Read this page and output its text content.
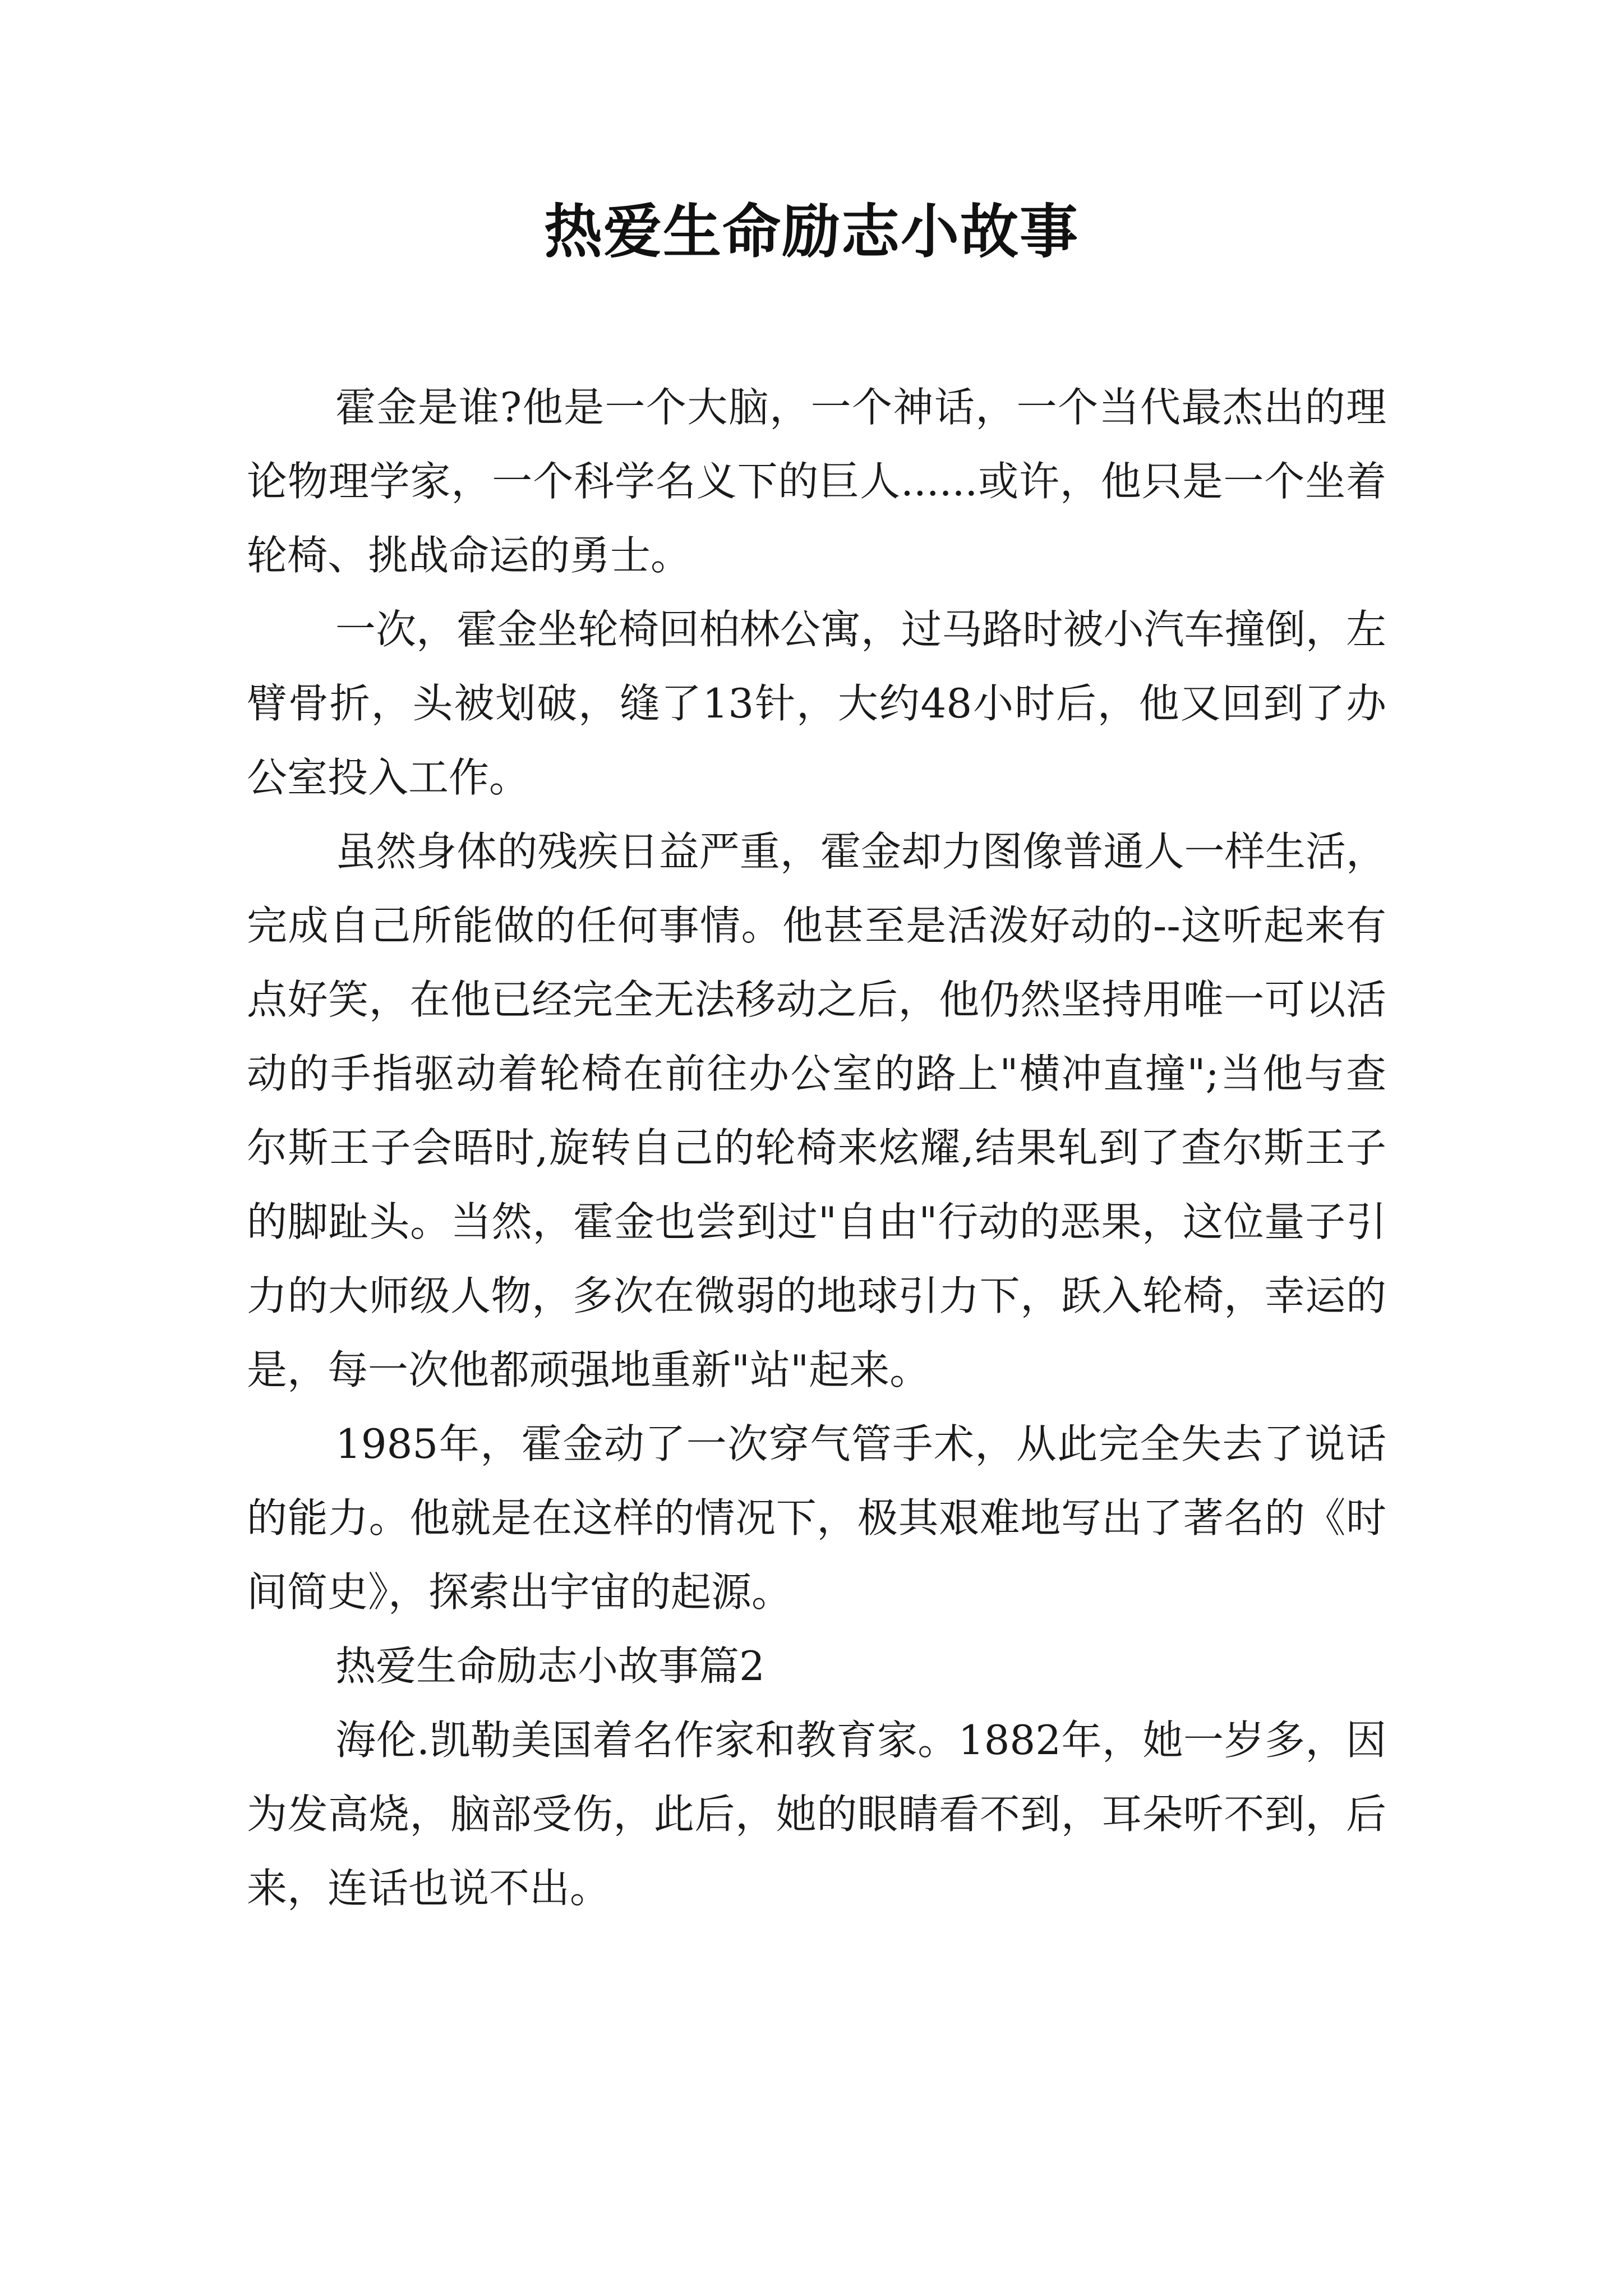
热爱生命励志小故事

霍金是谁?他是一个大脑，一个神话，一个当代最杰出的理论物理学家，一个科学名义下的巨人......或许，他只是一个坐着轮椅、挑战命运的勇士。

一次，霍金坐轮椅回柏林公寓，过马路时被小汽车撞倒，左臂骨折，头被划破，缝了13针，大约48小时后，他又回到了办公室投入工作。

虽然身体的残疾日益严重，霍金却力图像普通人一样生活，完成自己所能做的任何事情。他甚至是活泼好动的--这听起来有点好笑，在他已经完全无法移动之后，他仍然坚持用唯一可以活动的手指驱动着轮椅在前往办公室的路上"横冲直撞";当他与查尔斯王子会晤时,旋转自己的轮椅来炫耀,结果轧到了查尔斯王子的脚趾头。当然，霍金也尝到过"自由"行动的恶果，这位量子引力的大师级人物，多次在微弱的地球引力下，跃入轮椅，幸运的是，每一次他都顽强地重新"站"起来。

1985年，霍金动了一次穿气管手术，从此完全失去了说话的能力。他就是在这样的情况下，极其艰难地写出了著名的《时间简史》，探索出宇宙的起源。

热爱生命励志小故事篇2

海伦.凯勒美国着名作家和教育家。1882年，她一岁多，因为发高烧，脑部受伤，此后，她的眼睛看不到，耳朵听不到，后来，连话也说不出。
